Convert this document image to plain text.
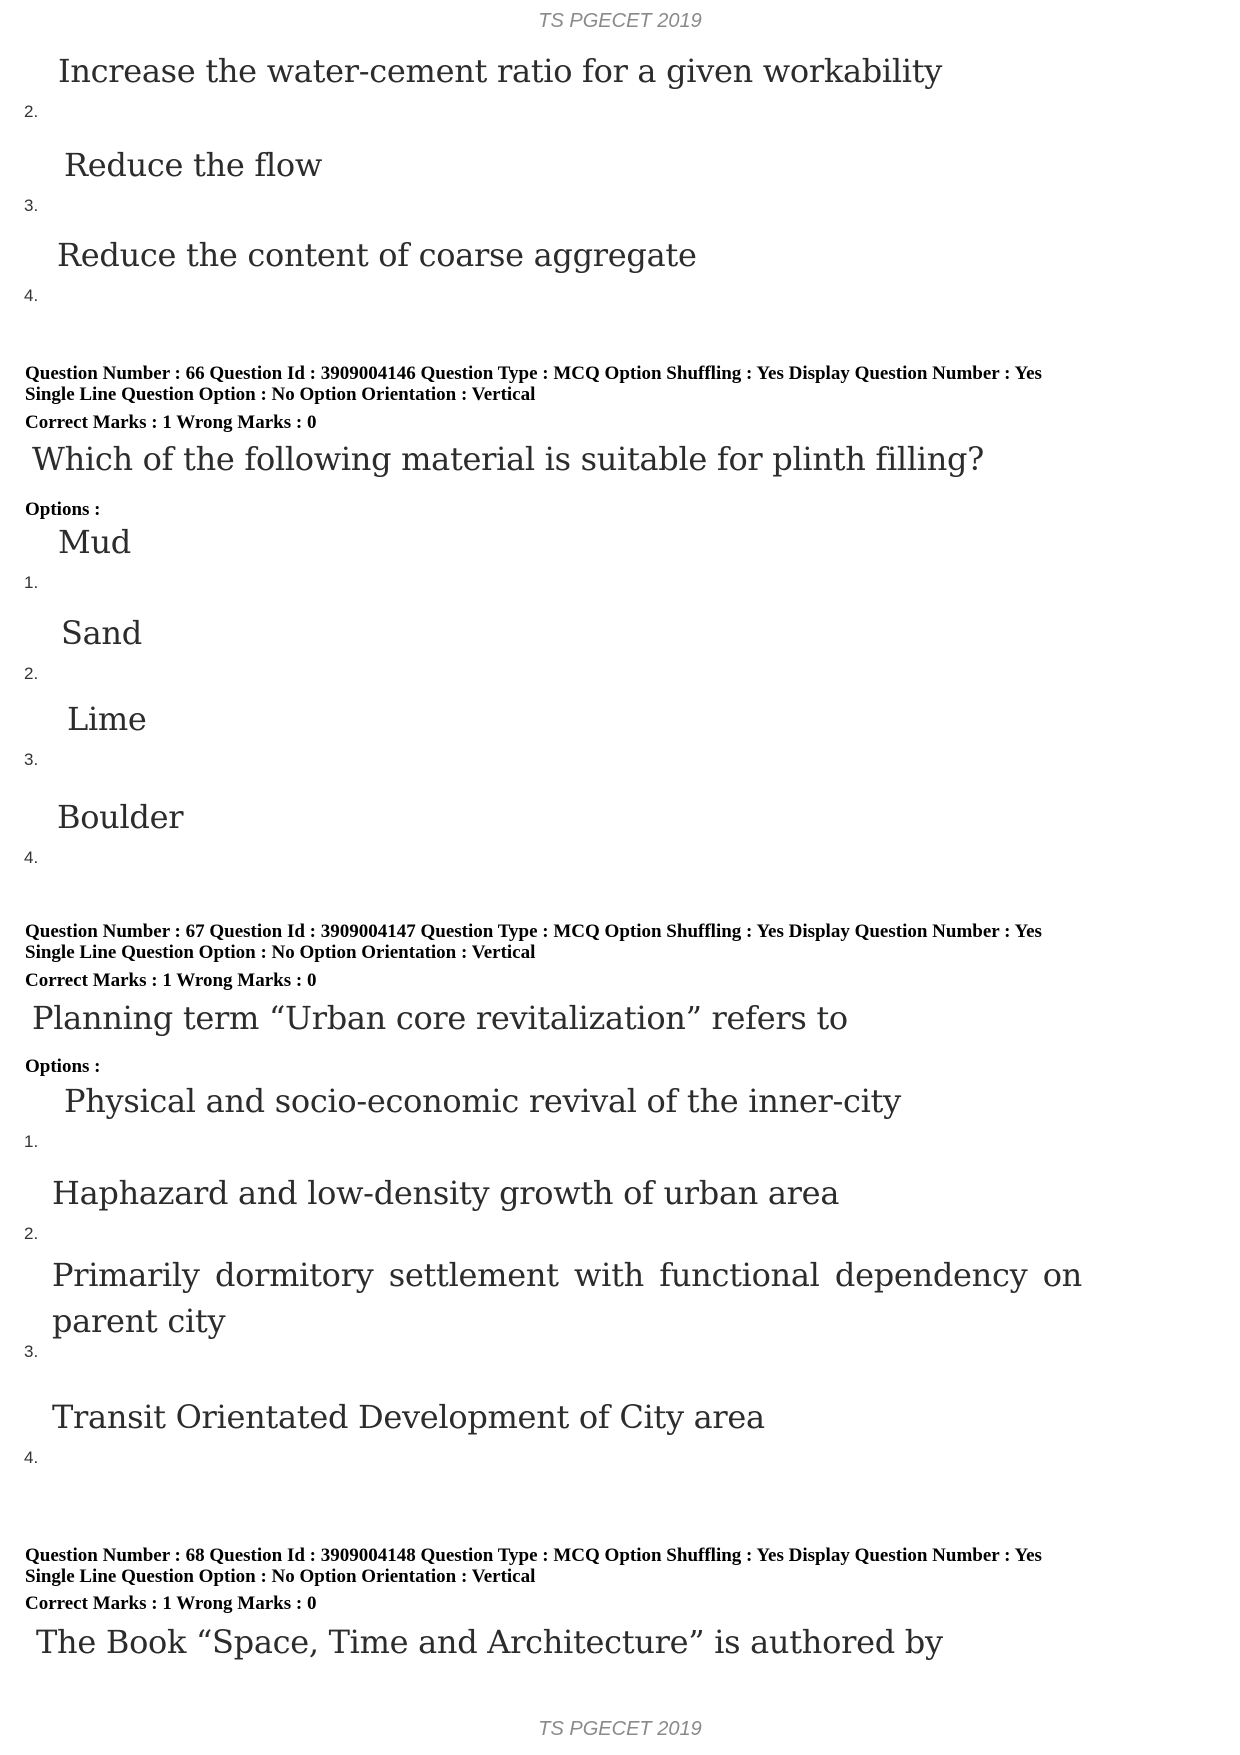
TS PGECET 2019
2.
Increase the water-cement ratio for a given workability
3.
Reduce the flow
4.
Reduce the content of coarse aggregate
Question Number : 66 Question Id : 3909004146 Question Type : MCQ Option Shuffling : Yes Display Question Number : Yes
Single Line Question Option : No Option Orientation : Vertical
Correct Marks : 1 Wrong Marks : 0
Which of the following material is suitable for plinth filling?
Options :
1.
Mud
2.
Sand
3.
Lime
4.
Boulder
Question Number : 67 Question Id : 3909004147 Question Type : MCQ Option Shuffling : Yes Display Question Number : Yes
Single Line Question Option : No Option Orientation : Vertical
Correct Marks : 1 Wrong Marks : 0
Planning term “Urban core revitalization” refers to
Options :
1.
Physical and socio-economic revival of the inner-city
2.
Haphazard and low-density growth of urban area
3.
Primarily dormitory settlement with functional dependency on parent city
4.
Transit Orientated Development of City area
Question Number : 68 Question Id : 3909004148 Question Type : MCQ Option Shuffling : Yes Display Question Number : Yes
Single Line Question Option : No Option Orientation : Vertical
Correct Marks : 1 Wrong Marks : 0
The Book “Space, Time and Architecture” is authored by
TS PGECET 2019
